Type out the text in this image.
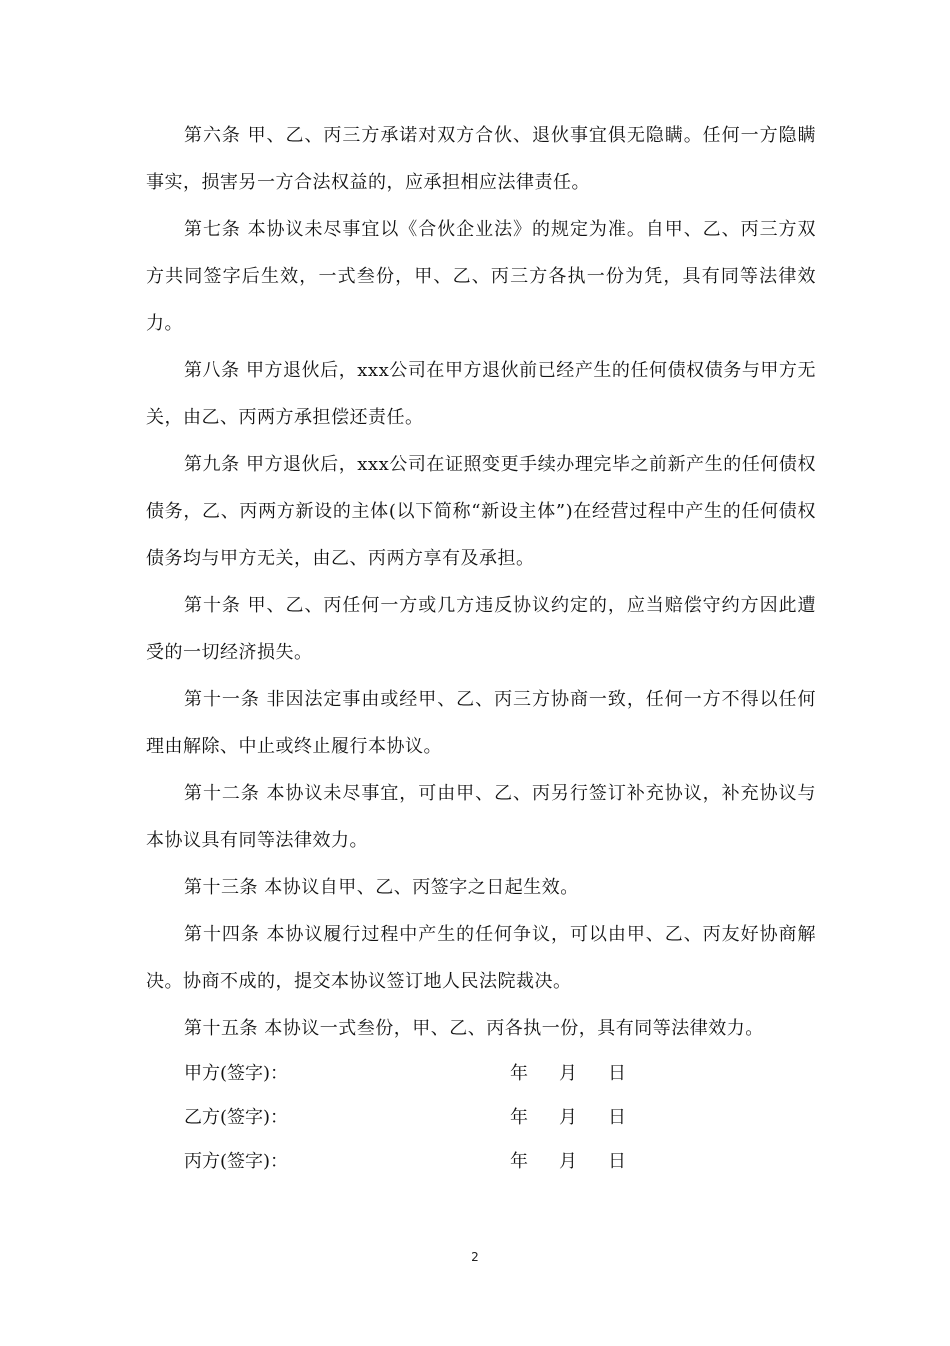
第六条 甲、乙、丙三方承诺对双方合伙、退伙事宜俱无隐瞒。任何一方隐瞒事实，损害另一方合法权益的，应承担相应法律责任。

第七条 本协议未尽事宜以《合伙企业法》的规定为准。自甲、乙、丙三方双方共同签字后生效，一式叁份，甲、乙、丙三方各执一份为凭，具有同等法律效力。

第八条 甲方退伙后，xxx公司在甲方退伙前已经产生的任何债权债务与甲方无关，由乙、丙两方承担偿还责任。

第九条 甲方退伙后，xxx公司在证照变更手续办理完毕之前新产生的任何债权债务，乙、丙两方新设的主体(以下简称“新设主体”)在经营过程中产生的任何债权债务均与甲方无关，由乙、丙两方享有及承担。

第十条 甲、乙、丙任何一方或几方违反协议约定的，应当赔偿守约方因此遭受的一切经济损失。

第十一条 非因法定事由或经甲、乙、丙三方协商一致，任何一方不得以任何理由解除、中止或终止履行本协议。

第十二条 本协议未尽事宜，可由甲、乙、丙另行签订补充协议，补充协议与本协议具有同等法律效力。

第十三条 本协议自甲、乙、丙签字之日起生效。

第十四条 本协议履行过程中产生的任何争议，可以由甲、乙、丙友好协商解决。协商不成的，提交本协议签订地人民法院裁决。

第十五条 本协议一式叁份，甲、乙、丙各执一份，具有同等法律效力。

甲方(签字)：	年 月 日
乙方(签字)：	年 月 日
丙方(签字)：	年 月 日
2
